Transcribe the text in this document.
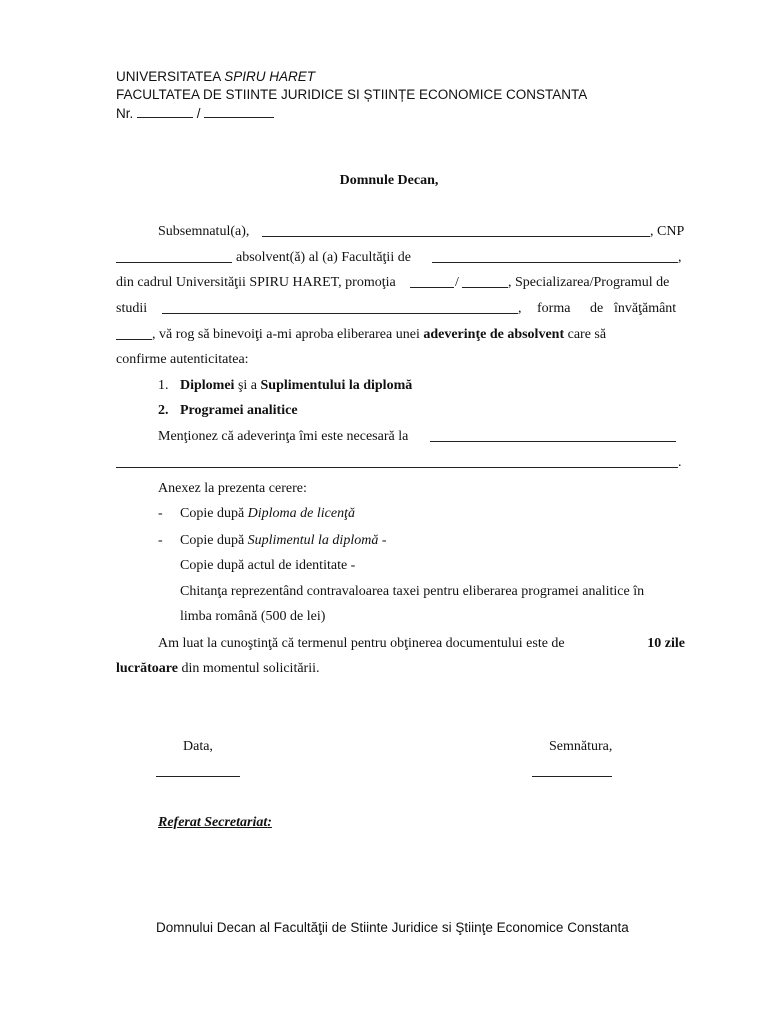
UNIVERSITATEA SPIRU HARET
FACULTATEA DE STIINTE JURIDICE SI ȘTIINȚE ECONOMICE CONSTANTA
Nr.	/
Domnule Decan,
Subsemnatul(a),	, CNP
absolvent(ă) al (a) Facultăţii de	,
din cadrul Universităţii SPIRU HARET, promoţia	/	, Specializarea/Programul de
studii	, forma de învăţământ
, vă rog să binevoiţi a-mi aproba eliberarea unei adeverinţe de absolvent care să
confirme autenticitatea:
1. Diplomei şi a Suplimentului la diplomă
2. Programei analitice
Menţionez că adeverinţa îmi este necesară la
.
Anexez la prezenta cerere:
- Copie după Diploma de licenţă
- Copie după Suplimentul la diplomă -
Copie după actul de identitate -
Chitanţa reprezentând contravaloarea taxei pentru eliberarea programei analitice în
limba română (500 de lei)
Am luat la cunoştinţă că termenul pentru obţinerea documentului este de	10 zile
lucrătoare din momentul solicitării.
Data,	Semnătura,
Referat Secretariat:
Domnului Decan al Facultăţii de Stiinte Juridice si Ştiinţe Economice Constanta
